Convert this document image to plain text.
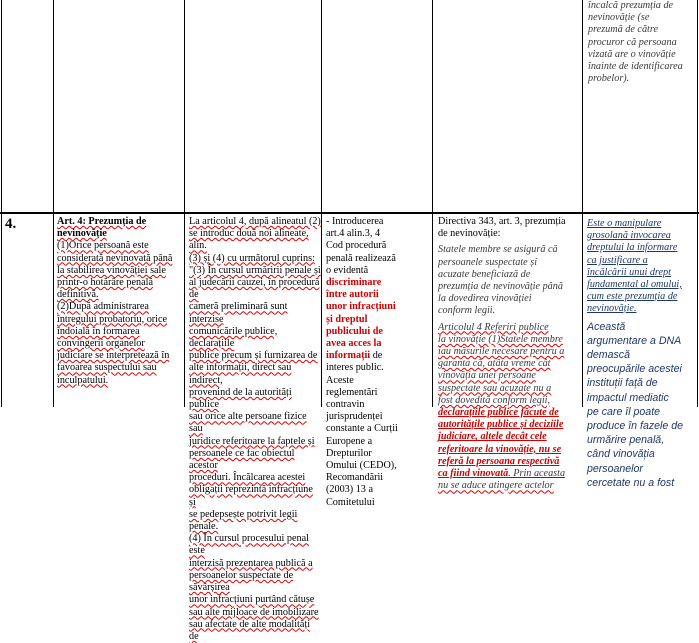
încalcă prezumția de

nevinovăție (se

prezumă de către

procuror că persoana

vizată are o vinovăție

înainte de identificarea

probelor).

4.	Art. 4: Prezumția de

nevinovăție

(1)Orice persoană este

considerată nevinovată până

la stabilirea vinovăției sale

printr-o hotărâre penală

definitivă.

(2)După administrarea

întregului probatoriu, orice

îndoială în formarea

convingerii organelor

judiciare se interpretează în

favoarea suspectului sau

inculpatului.

La articolul 4, după alineatul (2)

se introduc două noi alineate, alin.

(3) și (4) cu următorul cuprins:

"(3) În cursul urmăririi penale și

al judecării cauzei, în procedură de

cameră preliminară sunt interzise

comunicările publice, declarațiile

publice precum și furnizarea de

alte informații, direct sau indirect,

provenind de la autorități publice

sau orice alte persoane fizice sau

juridice referitoare la faptele și

persoanele ce fac obiectul acestor

proceduri. Încălcarea acestei

obligații reprezintă infracțiune și

se pedepsește potrivit legii

penale.

(4) În cursul procesului penal este

interzisă prezentarea publică a

persoanelor suspectate de

săvârșirea

unor infracțiuni purtând cătușe

sau alte mijloace de imobilizare

sau afectate de alte modalități de

- Introducerea

art.4 alin.3, 4

Cod procedură

penală realizează

o evidentă

discriminare

între autorii

unor infracțiuni

și dreptul

publicului de

avea acces la

informații de

interes public.

Aceste

reglementări

contravin

jurisprudenței

constante a Curții

Europene a

Drepturilor

Omului (CEDO),

Recomandării

(2003) 13 a

Comitetului

Directiva 343, art. 3, prezumția

de nevinovăție:

Statele membre se asigură că

persoanele suspectate și

acuzate beneficiază de

prezumția de nevinovăție până

la dovedirea vinovăției

conform legii.

Articolul 4 Referiri publice

la vinovăție (1)Statele membre

iau măsurile necesare pentru a

garanta că, atâta vreme cât

vinovăția unei persoane

suspectate sau acuzate nu a

fost dovedită conform legii,

declarațiile publice făcute de

autoritățile publice și deciziile

judiciare, altele decât cele

referitoare la vinovăție, nu se

referă la persoana respectivă

ca fiind vinovată. Prin aceasta

nu se aduce atingere actelor

Este o manipulare

grosolană invocarea

dreptului la informare

ca justificare a

încălcării unui drept

fundamental al omului,

cum este prezumția de

nevinovăție.

Această

argumentare a DNA

demască

preocupările acestei

instituții față de

impactul mediatic

pe care îl poate

produce în fazele de

urmărire penală,

când vinovăția

persoanelor

cercetate nu a fost
